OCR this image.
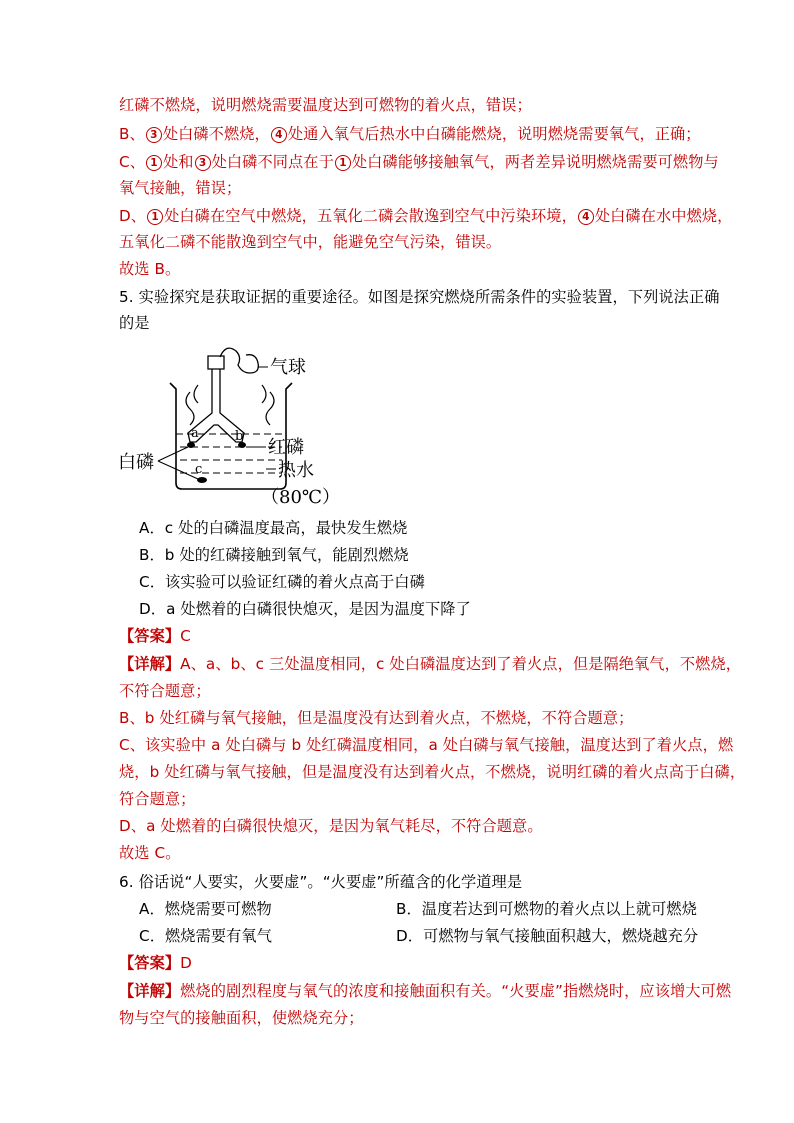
红磷不燃烧，说明燃烧需要温度达到可燃物的着火点，错误；
B、 3 处白磷不燃烧， 4 处通入氧气后热水中白磷能燃烧，说明燃烧需要氧气，正确；
C、 1 处和 3 处白磷不同点在于 1 处白磷能够接触氧气，两者差异说明燃烧需要可燃物与
氧气接触，错误；
D、 1 处白磷在空气中燃烧，五氧化二磷会散逸到空气中污染环境， 4 处白磷在水中燃烧，
五氧化二磷不能散逸到空气中，能避免空气污染，错误。
故选 B。
5. 实验探究是获取证据的重要途径。如图是探究燃烧所需条件的实验装置，下列说法正确
的是
a	b
c
气球
白磷
红磷
热水
（80℃）
A．c 处的白磷温度最高，最快发生燃烧
B．b 处的红磷接触到氧气，能剧烈燃烧
C．该实验可以验证红磷的着火点高于白磷
D．a 处燃着的白磷很快熄灭，是因为温度下降了
【答案】C
【详解】A、a、b、c 三处温度相同，c 处白磷温度达到了着火点，但是隔绝氧气，不燃烧，
不符合题意；
B、b 处红磷与氧气接触，但是温度没有达到着火点，不燃烧，不符合题意；
C、该实验中 a 处白磷与 b 处红磷温度相同，a 处白磷与氧气接触，温度达到了着火点，燃
烧，b 处红磷与氧气接触，但是温度没有达到着火点，不燃烧，说明红磷的着火点高于白磷，
符合题意；
D、a 处燃着的白磷很快熄灭，是因为氧气耗尽，不符合题意。
故选 C。
6. 俗话说“人要实，火要虚”。“火要虚”所蕴含的化学道理是
A．燃烧需要可燃物	B．温度若达到可燃物的着火点以上就可燃烧
C．燃烧需要有氧气	D．可燃物与氧气接触面积越大，燃烧越充分
【答案】D
【详解】燃烧的剧烈程度与氧气的浓度和接触面积有关。“火要虚”指燃烧时，应该增大可燃
物与空气的接触面积，使燃烧充分；
